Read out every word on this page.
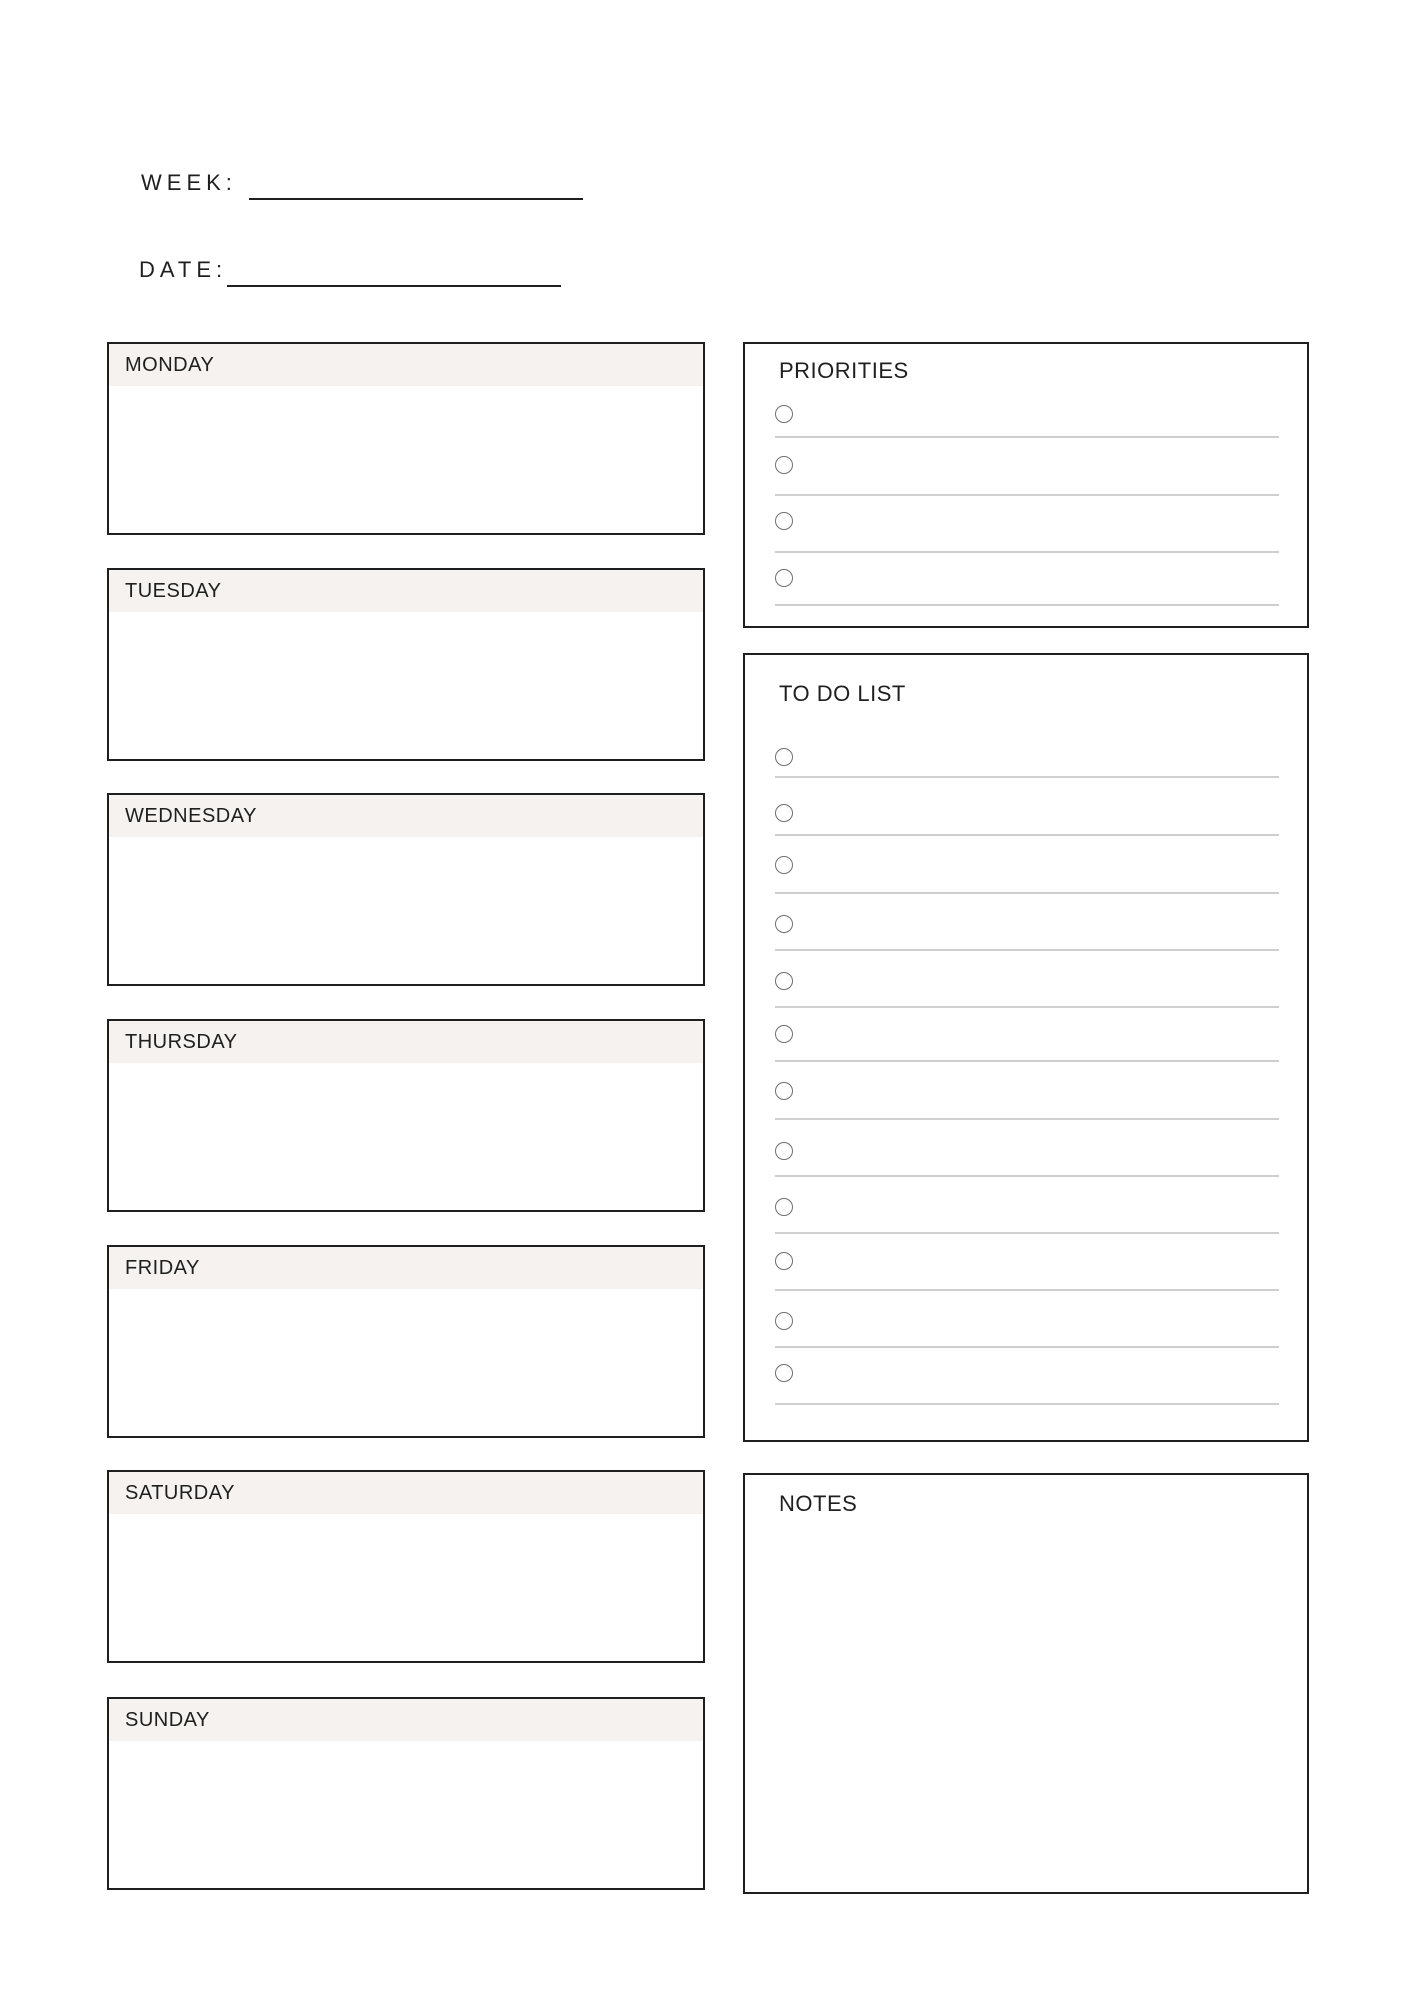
WEEK:
DATE:
MONDAY
TUESDAY
WEDNESDAY
THURSDAY
FRIDAY
SATURDAY
SUNDAY
PRIORITIES
TO DO LIST
NOTES
